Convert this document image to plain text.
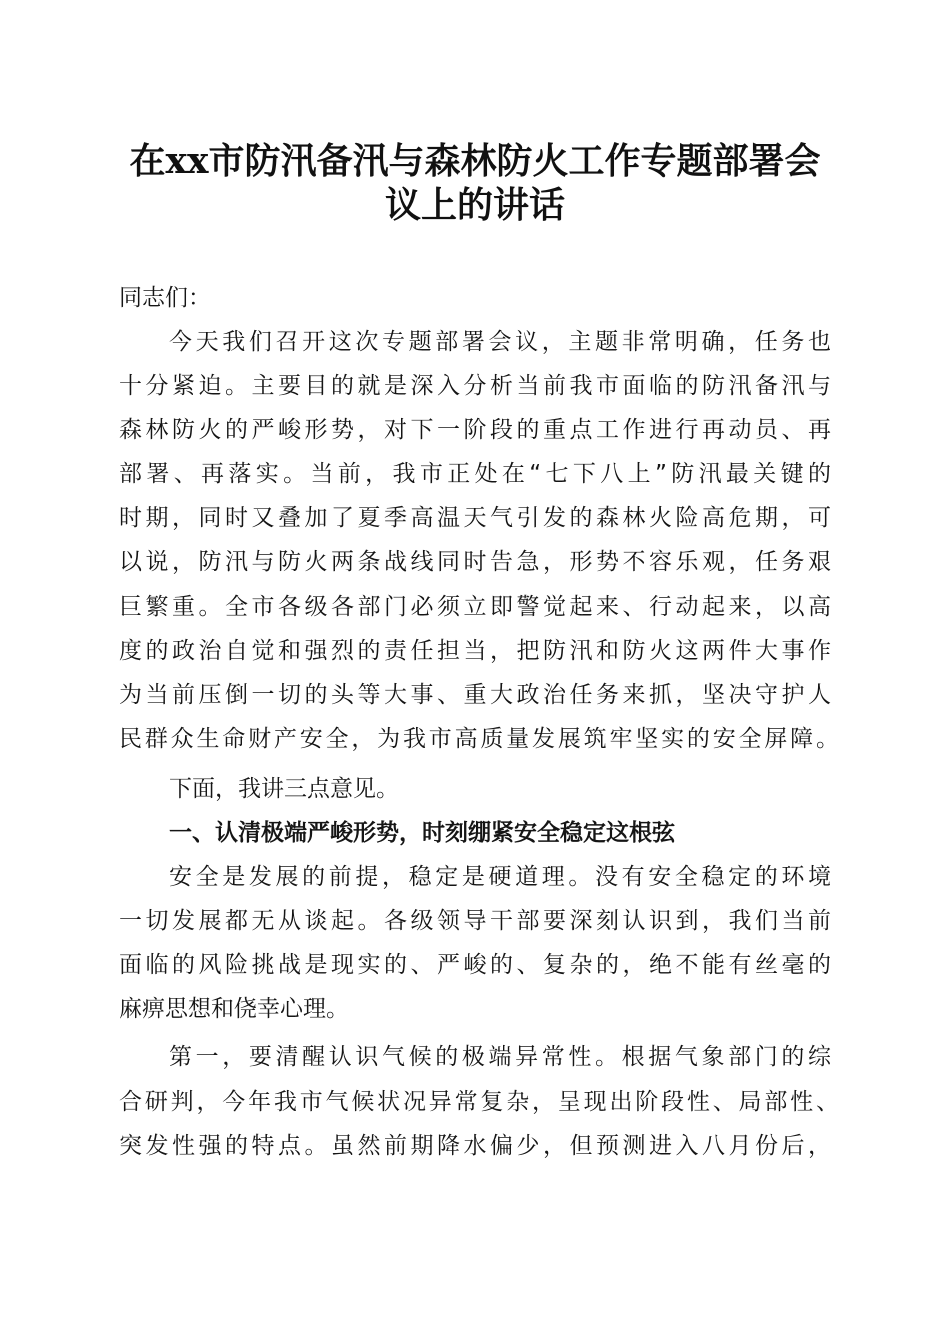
在xx市防汛备汛与森林防火工作专题部署会
议上的讲话
同志们：
今天我们召开这次专题部署会议，主题非常明确，任务也
十分紧迫。主要目的就是深入分析当前我市面临的防汛备汛与
森林防火的严峻形势，对下一阶段的重点工作进行再动员、再
部署、再落实。当前，我市正处在“七下八上”防汛最关键的
时期，同时又叠加了夏季高温天气引发的森林火险高危期，可
以说，防汛与防火两条战线同时告急，形势不容乐观，任务艰
巨繁重。全市各级各部门必须立即警觉起来、行动起来，以高
度的政治自觉和强烈的责任担当，把防汛和防火这两件大事作
为当前压倒一切的头等大事、重大政治任务来抓，坚决守护人
民群众生命财产安全，为我市高质量发展筑牢坚实的安全屏障。
下面，我讲三点意见。
一、认清极端严峻形势，时刻绷紧安全稳定这根弦
安全是发展的前提，稳定是硬道理。没有安全稳定的环境
一切发展都无从谈起。各级领导干部要深刻认识到，我们当前
面临的风险挑战是现实的、严峻的、复杂的，绝不能有丝毫的
麻痹思想和侥幸心理。
第一，要清醒认识气候的极端异常性。根据气象部门的综
合研判，今年我市气候状况异常复杂，呈现出阶段性、局部性、
突发性强的特点。虽然前期降水偏少，但预测进入八月份后，
